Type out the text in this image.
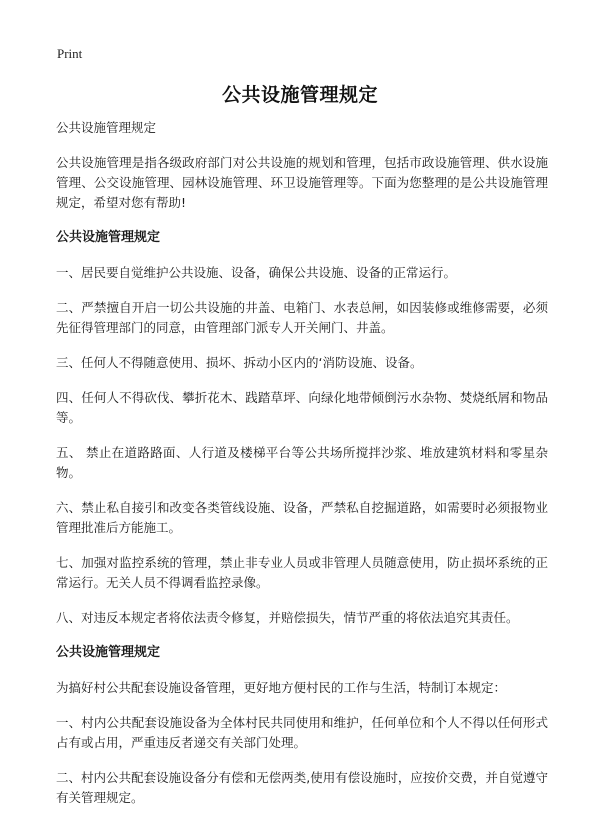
Print
公共设施管理规定

公共设施管理规定

公共设施管理是指各级政府部门对公共设施的规划和管理，包括市政设施管理、供水设施管理、公交设施管理、园林设施管理、环卫设施管理等。下面为您整理的是公共设施管理规定，希望对您有帮助!

公共设施管理规定

一、居民要自觉维护公共设施、设备，确保公共设施、设备的正常运行。

二、严禁擅自开启一切公共设施的井盖、电箱门、水表总闸，如因装修或维修需要，必须先征得管理部门的同意，由管理部门派专人开关闸门、井盖。

三、任何人不得随意使用、损坏、拆动小区内的‘消防设施、设备。

四、任何人不得砍伐、攀折花木、践踏草坪、向绿化地带倾倒污水杂物、焚烧纸屑和物品等。

五、 禁止在道路路面、人行道及楼梯平台等公共场所搅拌沙浆、堆放建筑材料和零星杂物。

六、禁止私自接引和改变各类管线设施、设备，严禁私自挖掘道路，如需要时必须报物业管理批准后方能施工。

七、加强对监控系统的管理，禁止非专业人员或非管理人员随意使用，防止损坏系统的正常运行。无关人员不得调看监控录像。

八、对违反本规定者将依法责令修复，并赔偿损失，情节严重的将依法追究其责任。

公共设施管理规定

为搞好村公共配套设施设备管理，更好地方便村民的工作与生活，特制订本规定：

一、村内公共配套设施设备为全体村民共同使用和维护，任何单位和个人不得以任何形式占有或占用，严重违反者递交有关部门处理。

二、村内公共配套设施设备分有偿和无偿两类,使用有偿设施时，应按价交费，并自觉遵守有关管理规定。
